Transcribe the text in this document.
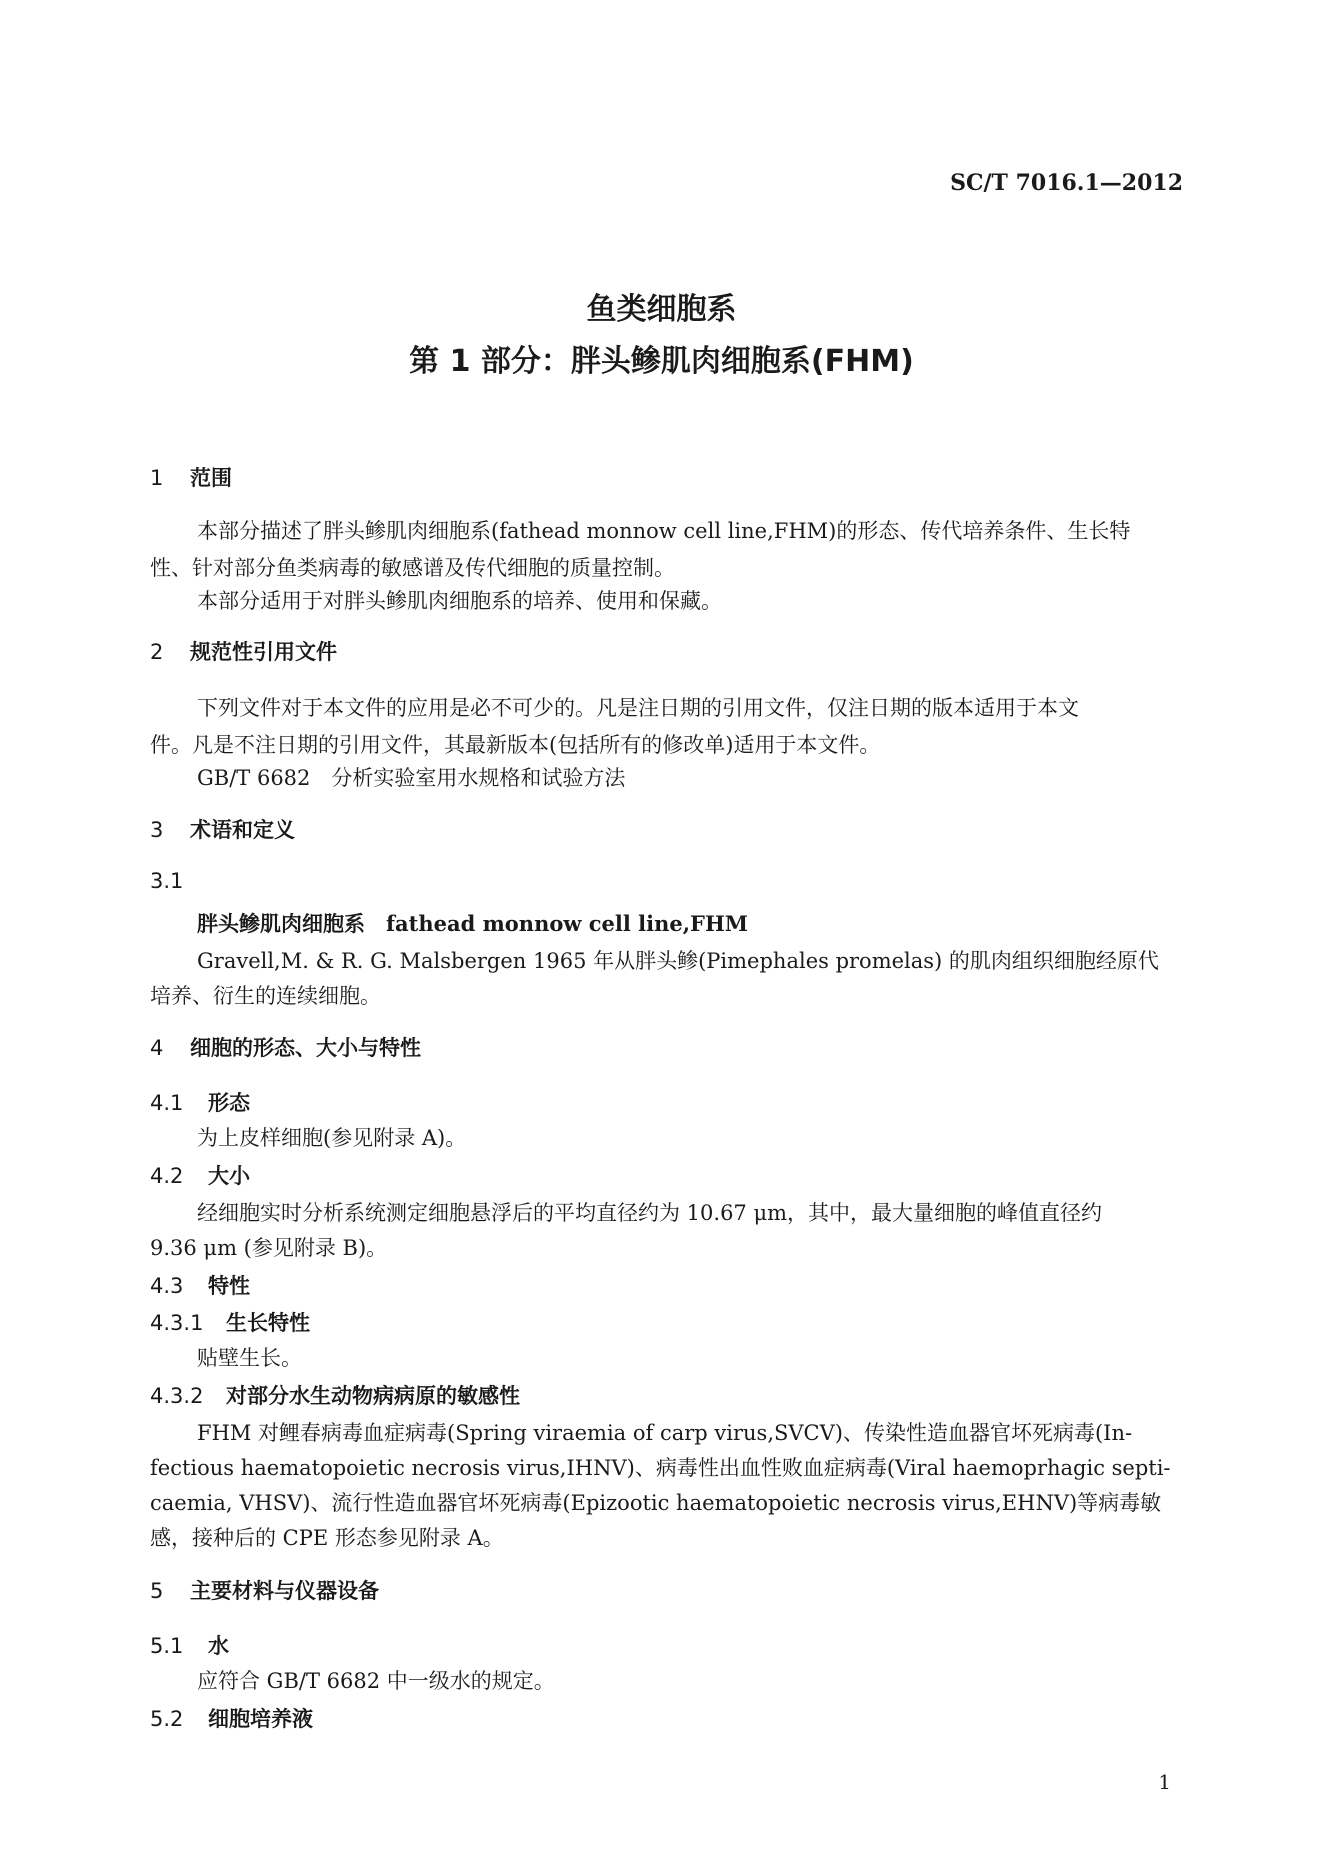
SC/T 7016.1—2012
鱼类细胞系
第 1 部分：胖头鲹肌肉细胞系(FHM)
1 范围
本部分描述了胖头鲹肌肉细胞系(fathead monnow cell line,FHM)的形态、传代培养条件、生长特
性、针对部分鱼类病毒的敏感谱及传代细胞的质量控制。
本部分适用于对胖头鲹肌肉细胞系的培养、使用和保藏。
2 规范性引用文件
下列文件对于本文件的应用是必不可少的。凡是注日期的引用文件，仅注日期的版本适用于本文
件。凡是不注日期的引用文件，其最新版本(包括所有的修改单)适用于本文件。
GB/T 6682　分析实验室用水规格和试验方法
3 术语和定义
3.1
胖头鲹肌肉细胞系　fathead monnow cell line,FHM
Gravell,M. & R. G. Malsbergen 1965 年从胖头鲹(Pimephales promelas) 的肌肉组织细胞经原代
培养、衍生的连续细胞。
4 细胞的形态、大小与特性
4.1 形态
为上皮样细胞(参见附录 A)。
4.2 大小
经细胞实时分析系统测定细胞悬浮后的平均直径约为 10.67 μm，其中，最大量细胞的峰值直径约
9.36 μm (参见附录 B)。
4.3 特性
4.3.1 生长特性
贴壁生长。
4.3.2 对部分水生动物病病原的敏感性
FHM 对鲤春病毒血症病毒(Spring viraemia of carp virus,SVCV)、传染性造血器官坏死病毒(In-
fectious haematopoietic necrosis virus,IHNV)、病毒性出血性败血症病毒(Viral haemoprhagic septi-
caemia, VHSV)、流行性造血器官坏死病毒(Epizootic haematopoietic necrosis virus,EHNV)等病毒敏
感，接种后的 CPE 形态参见附录 A。
5 主要材料与仪器设备
5.1 水
应符合 GB/T 6682 中一级水的规定。
5.2 细胞培养液
1
